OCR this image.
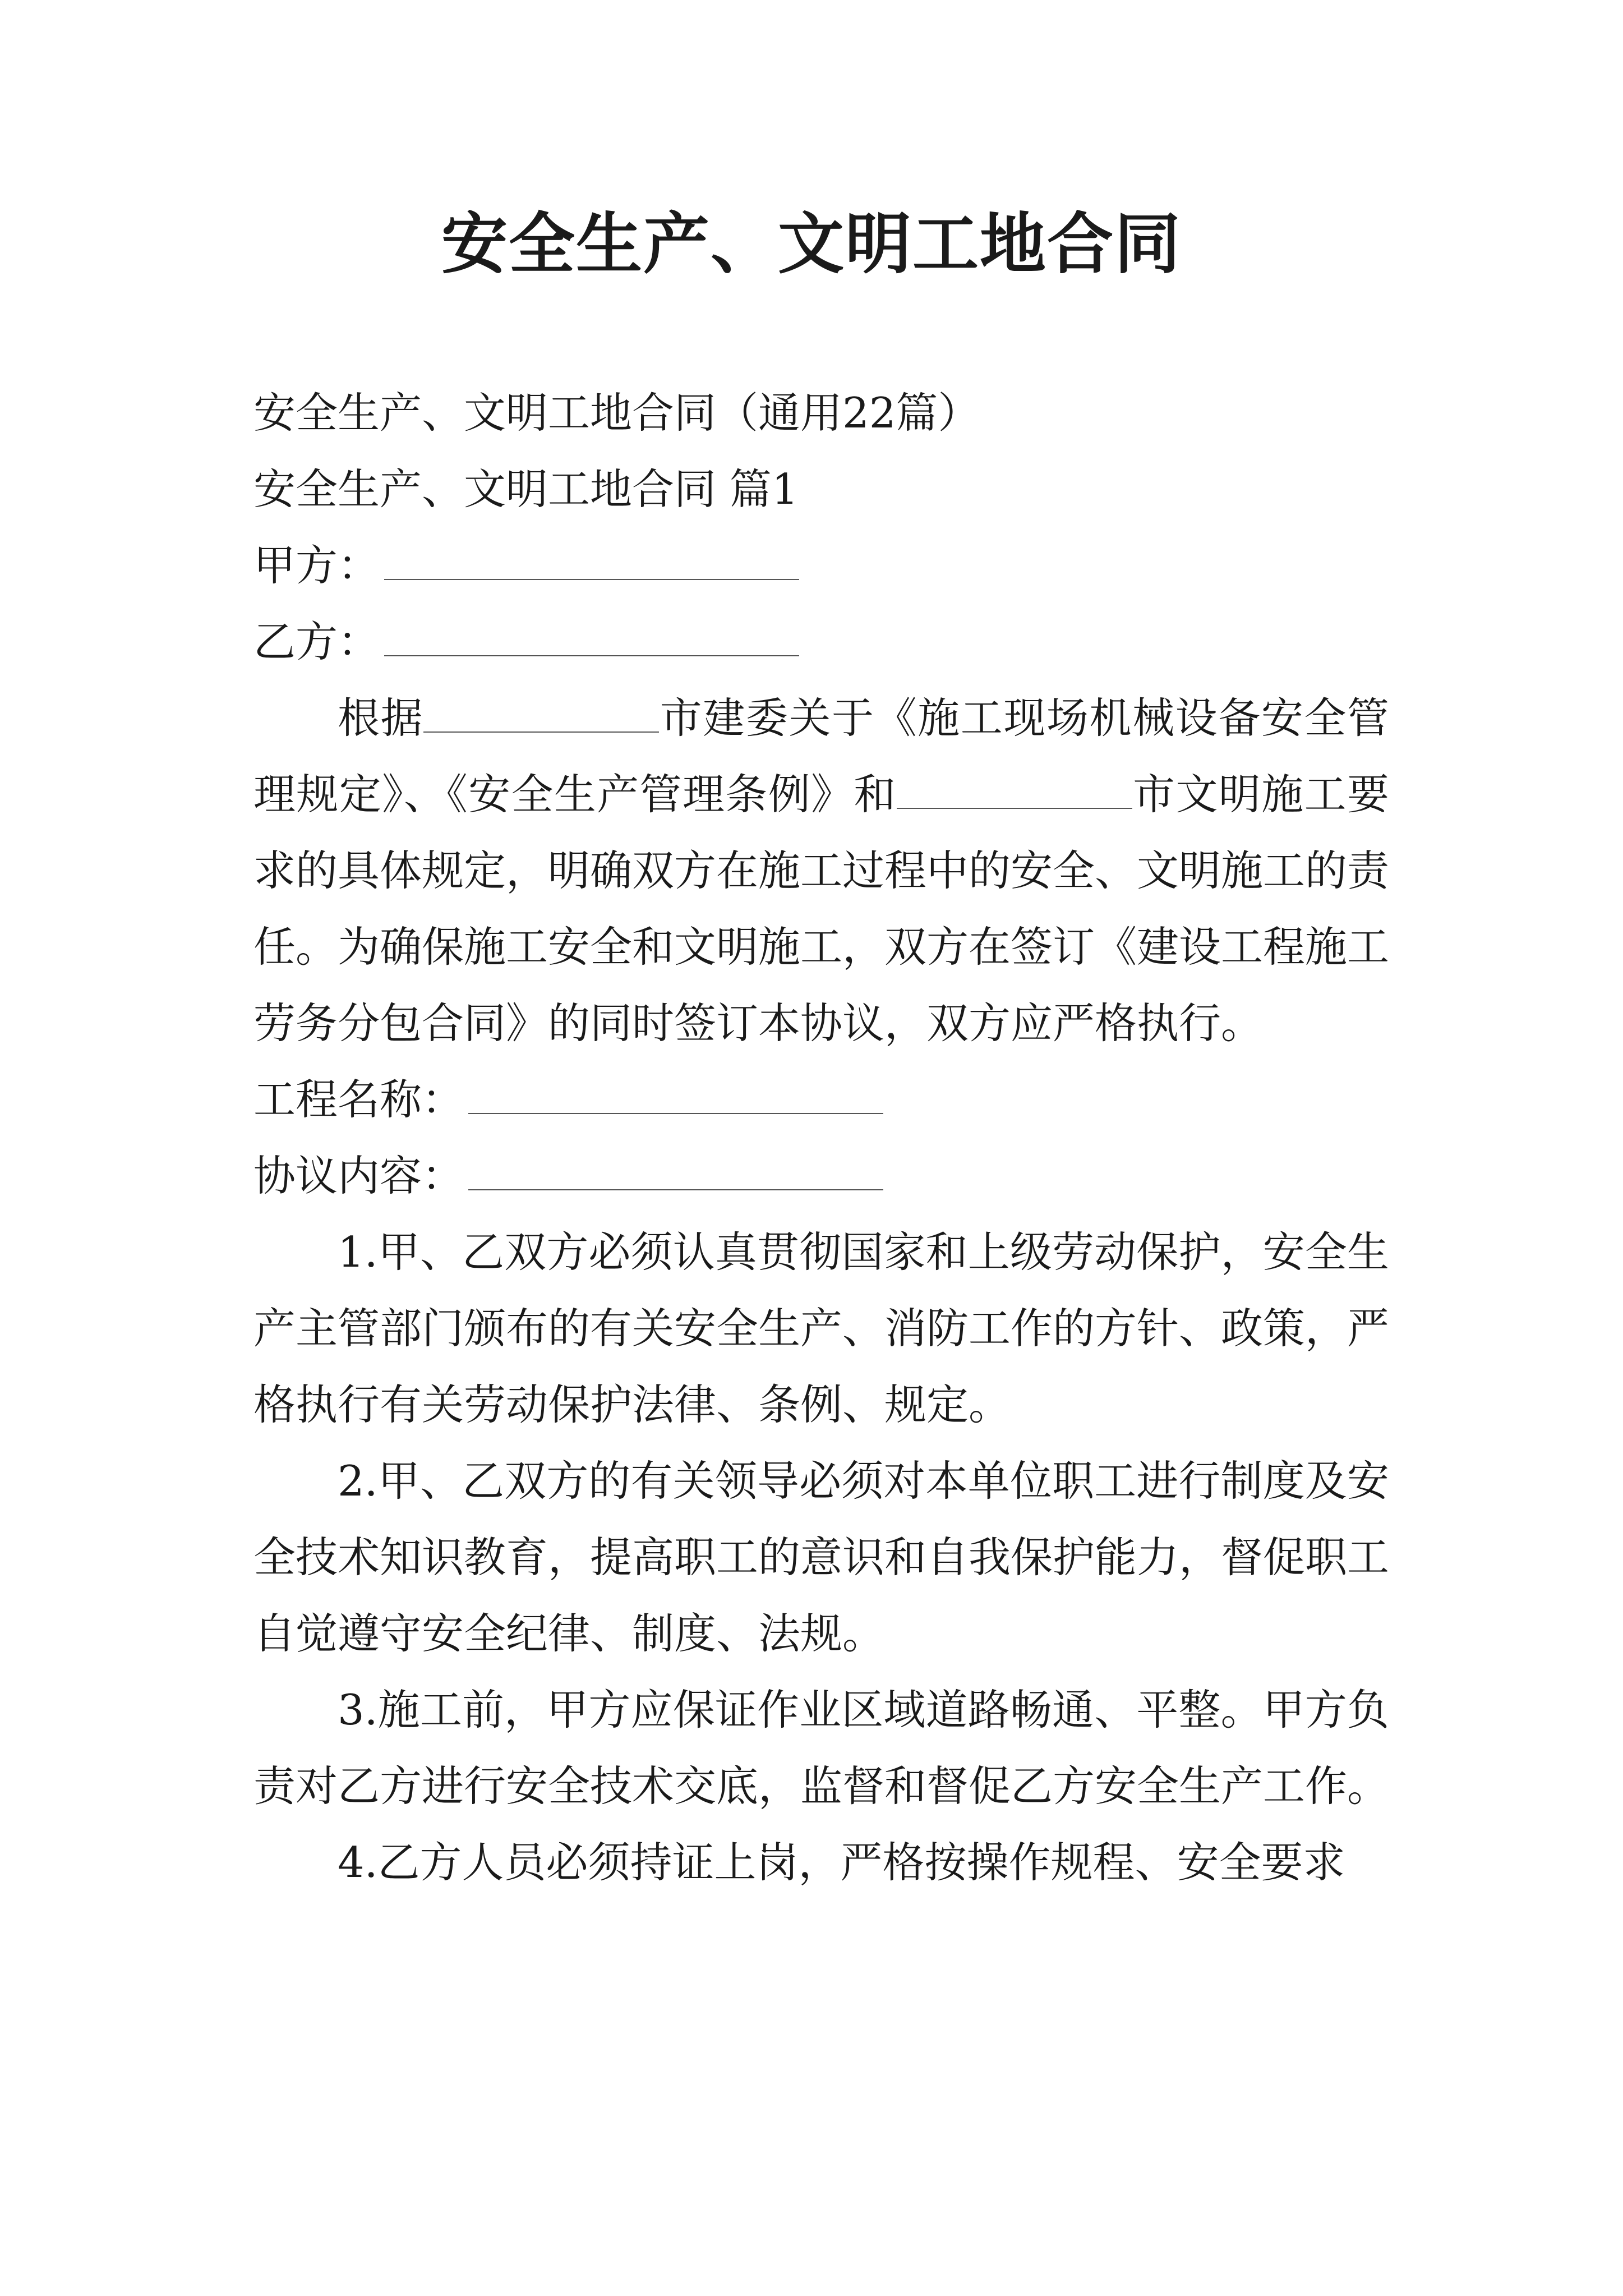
安全生产、文明工地合同

安全生产、文明工地合同（通用22篇）

安全生产、文明工地合同 篇1

甲方：

乙方：

根据	市建委关于《施工现场机械设备安全管理规定》、《安全生产管理条例》和	市文明施工要求的具体规定，明确双方在施工过程中的安全、文明施工的责任。为确保施工安全和文明施工，双方在签订《建设工程施工劳务分包合同》的同时签订本协议，双方应严格执行。

工程名称：

协议内容：

1.甲、乙双方必须认真贯彻国家和上级劳动保护，安全生产主管部门颁布的有关安全生产、消防工作的方针、政策，严格执行有关劳动保护法律、条例、规定。

2.甲、乙双方的有关领导必须对本单位职工进行制度及安全技术知识教育，提高职工的意识和自我保护能力，督促职工自觉遵守安全纪律、制度、法规。

3.施工前，甲方应保证作业区域道路畅通、平整。甲方负责对乙方进行安全技术交底，监督和督促乙方安全生产工作。

4.乙方人员必须持证上岗，严格按操作规程、安全要求
